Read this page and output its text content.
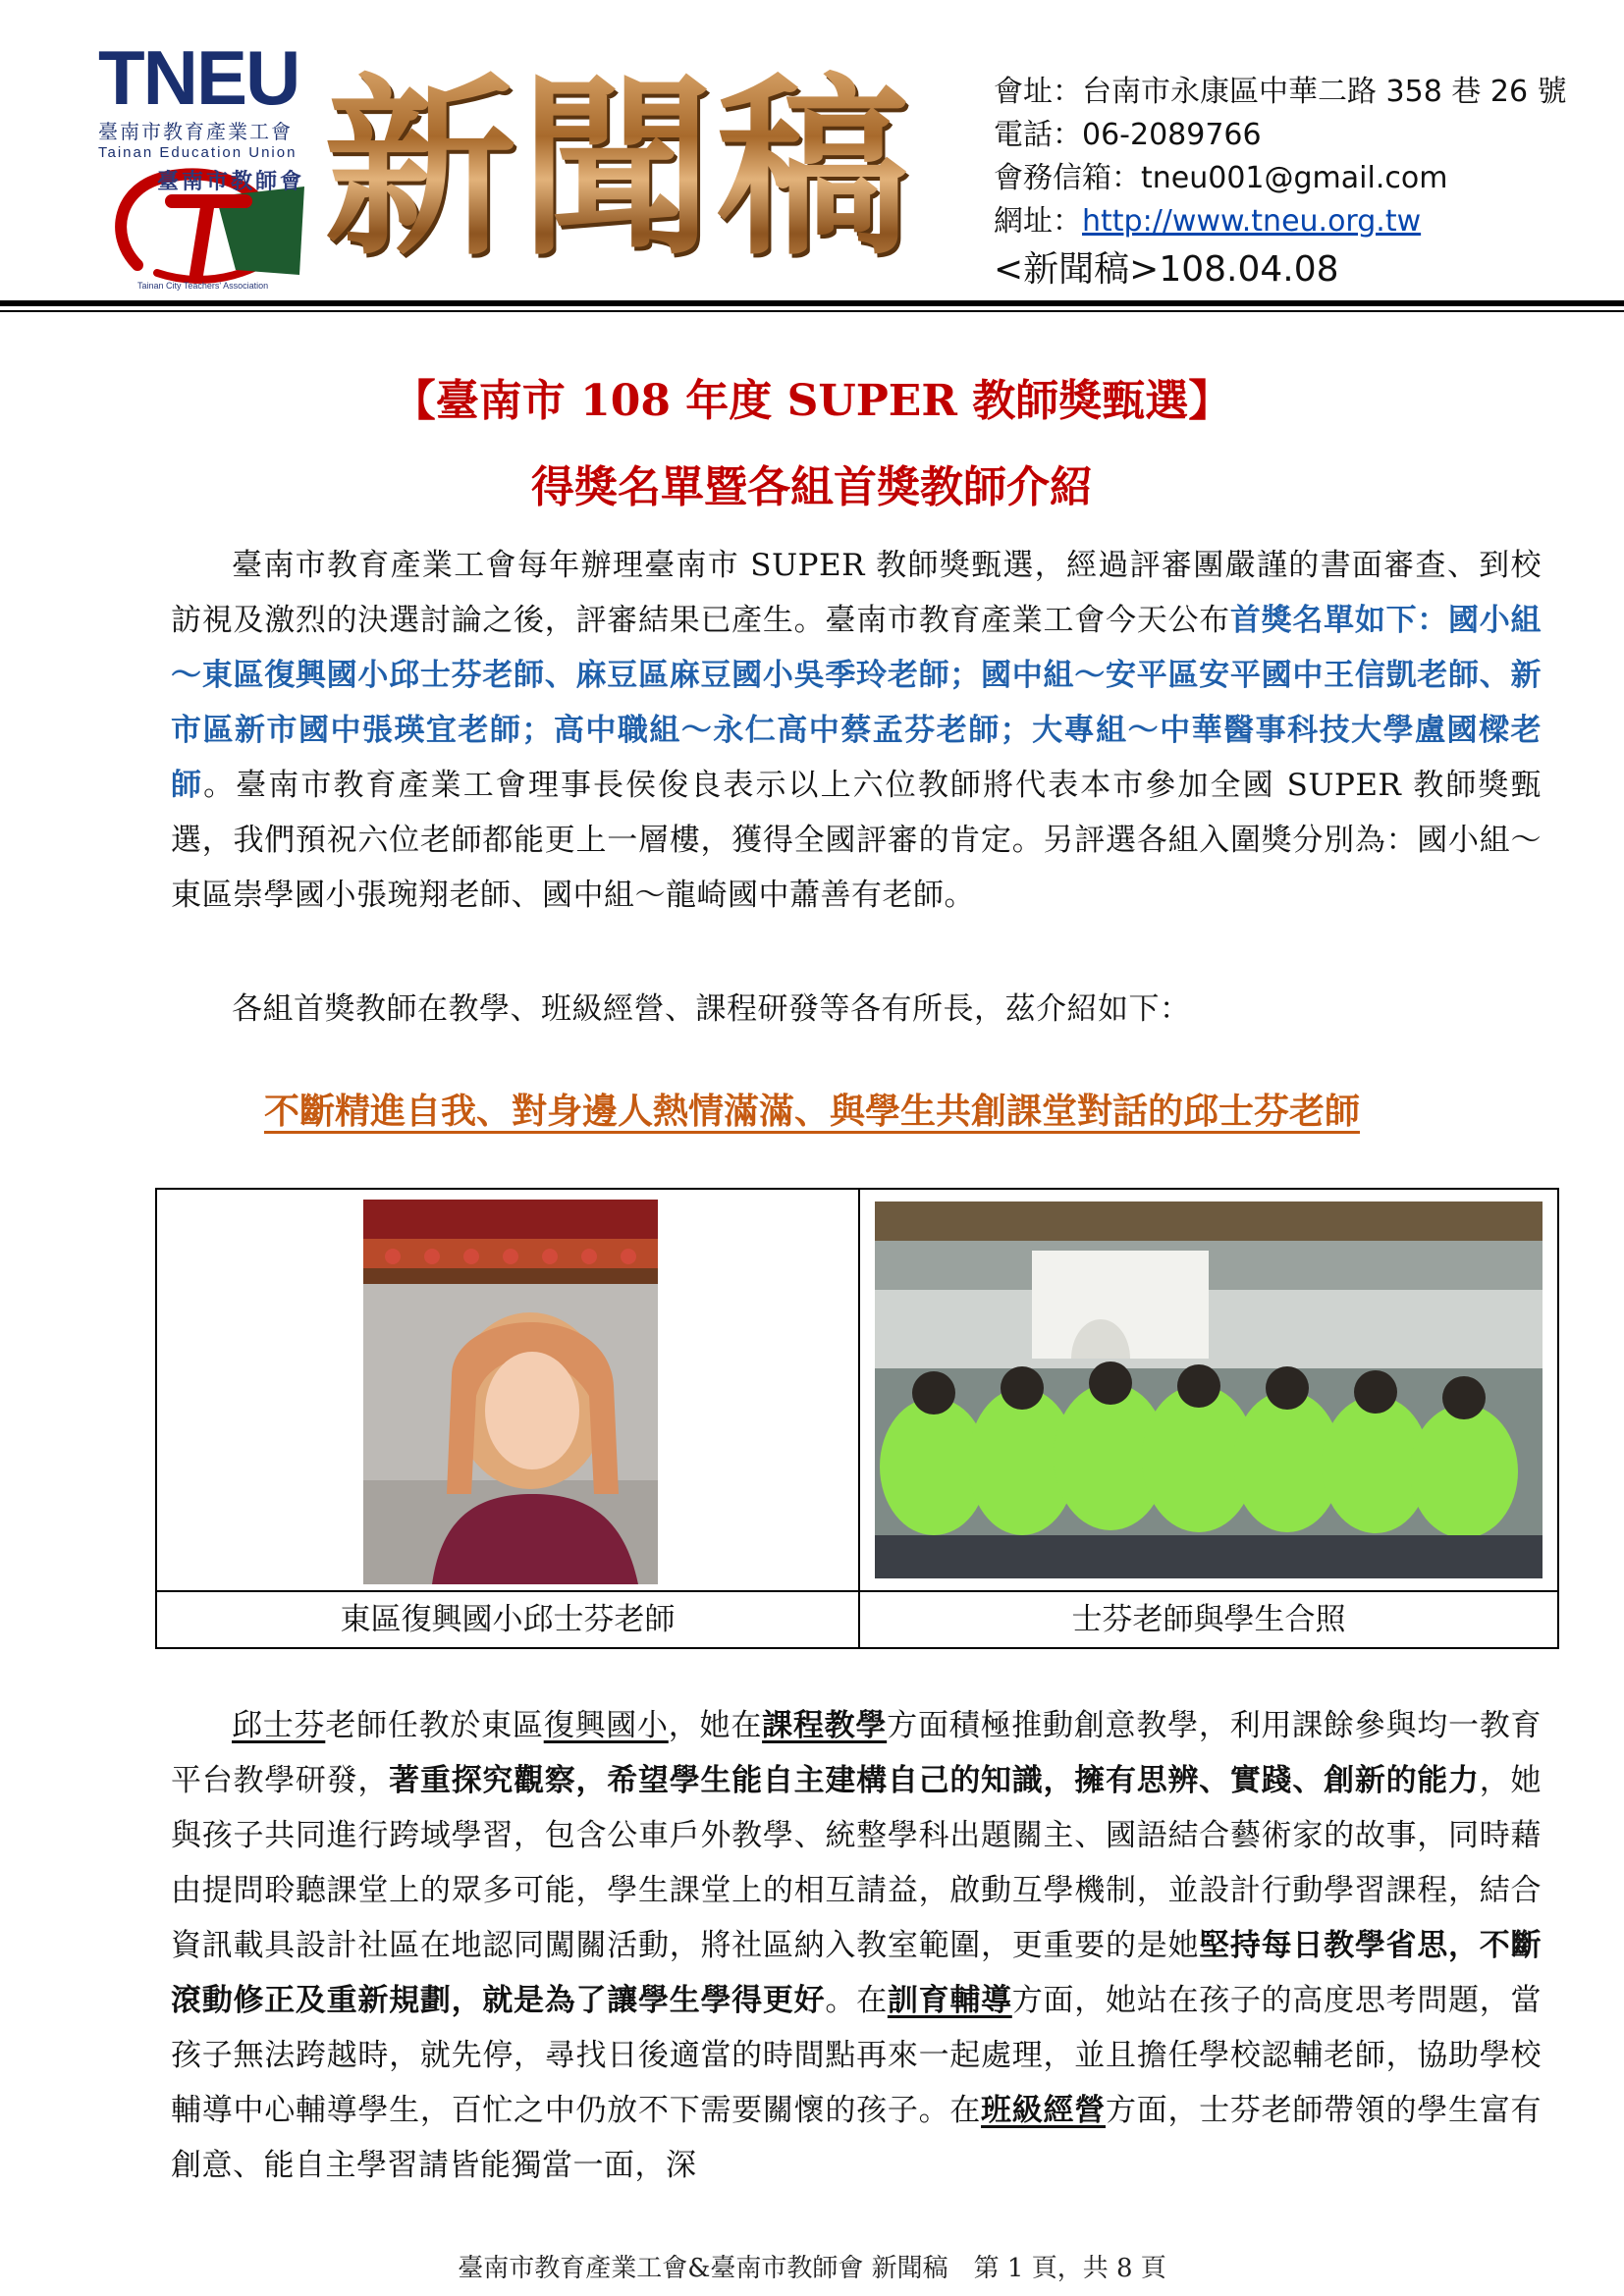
TNEU
臺南市教育產業工會
Tainan Education Union
臺南市教師會
Tainan City Teachers' Association
新聞稿	會址：台南市永康區中華二路 358 巷 26 號
電話：06-2089766
會務信箱：tneu001@gmail.com
網址：http://www.tneu.org.tw
<新聞稿>108.04.08
【臺南市 108 年度 SUPER 教師獎甄選】
得獎名單暨各組首獎教師介紹
臺南市教育產業工會每年辦理臺南市 SUPER 教師獎甄選，經過評審團嚴謹的書面審查、到校訪視及激烈的決選討論之後，評審結果已產生。臺南市教育產業工會今天公布首獎名單如下：國小組～東區復興國小邱士芬老師、麻豆區麻豆國小吳季玲老師；國中組～安平區安平國中王信凱老師、新市區新市國中張瑛宜老師；高中職組～永仁高中蔡孟芬老師；大專組～中華醫事科技大學盧國樑老師。臺南市教育產業工會理事長侯俊良表示以上六位教師將代表本市參加全國 SUPER 教師獎甄選，我們預祝六位老師都能更上一層樓，獲得全國評審的肯定。另評選各組入圍獎分別為：國小組～東區崇學國小張琬翔老師、國中組～龍崎國中蕭善有老師。
各組首獎教師在教學、班級經營、課程研發等各有所長，茲介紹如下：
不斷精進自我、對身邊人熱情滿滿、與學生共創課堂對話的邱士芬老師
東區復興國小邱士芬老師	士芬老師與學生合照
邱士芬老師任教於東區復興國小，她在課程教學方面積極推動創意教學，利用課餘參與均一教育平台教學研發，著重探究觀察，希望學生能自主建構自己的知識，擁有思辨、實踐、創新的能力，她與孩子共同進行跨域學習，包含公車戶外教學、統整學科出題關主、國語結合藝術家的故事，同時藉由提問聆聽課堂上的眾多可能，學生課堂上的相互請益，啟動互學機制，並設計行動學習課程，結合資訊載具設計社區在地認同闖關活動，將社區納入教室範圍，更重要的是她堅持每日教學省思，不斷滾動修正及重新規劃，就是為了讓學生學得更好。在訓育輔導方面，她站在孩子的高度思考問題，當孩子無法跨越時，就先停，尋找日後適當的時間點再來一起處理，並且擔任學校認輔老師，協助學校輔導中心輔導學生，百忙之中仍放不下需要關懷的孩子。在班級經營方面，士芬老師帶領的學生富有創意、能自主學習請皆能獨當一面，深
臺南市教育產業工會&臺南市教師會 新聞稿　第 1 頁，共 8 頁
